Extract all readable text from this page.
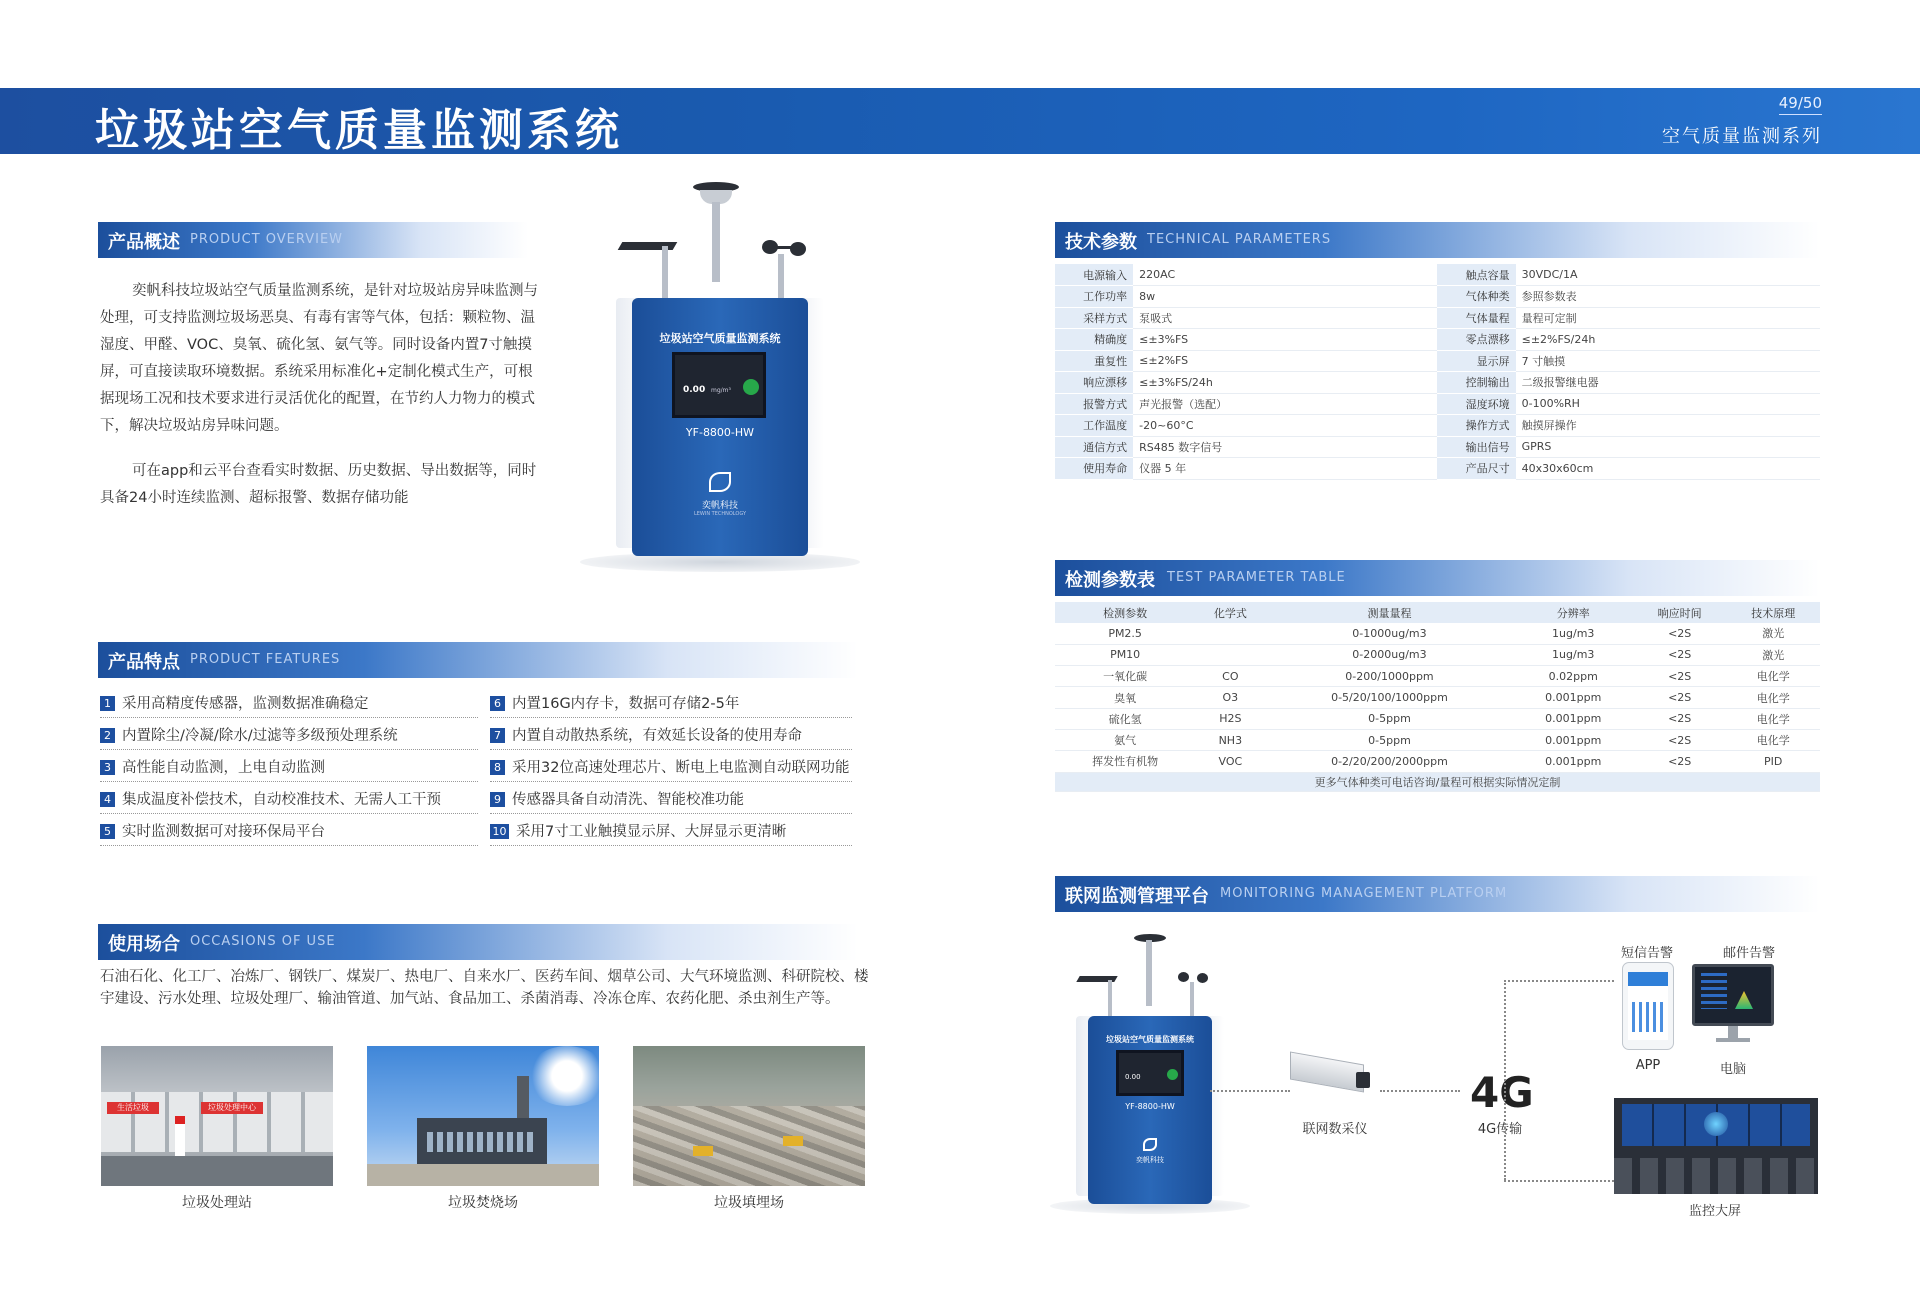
垃圾站空气质量监测系统
49/50
空气质量监测系列
产品概述 PRODUCT OVERVIEW

奕帆科技垃圾站空气质量监测系统，是针对垃圾站房异味监测与处理，可支持监测垃圾场恶臭、有毒有害等气体，包括：颗粒物、温湿度、甲醛、VOC、臭氧、硫化氢、氨气等。同时设备内置7寸触摸屏，可直接读取环境数据。系统采用标准化+定制化模式生产，可根据现场工况和技术要求进行灵活优化的配置，在节约人力物力的模式下，解决垃圾站房异味问题。

可在app和云平台查看实时数据、历史数据、导出数据等，同时具备24小时连续监测、超标报警、数据存储功能

垃圾站空气质量监测系统
0.00 mg/m³
YF-8800-HW
奕帆科技
LEWIN TECHNOLOGY
产品特点 PRODUCT FEATURES
1 采用高精度传感器，监测数据准确稳定
2 内置除尘/冷凝/除水/过滤等多级预处理系统
3 高性能自动监测，上电自动监测
4 集成温度补偿技术，自动校准技术、无需人工干预
5 实时监测数据可对接环保局平台
6 内置16G内存卡，数据可存储2-5年
7 内置自动散热系统，有效延长设备的使用寿命
8 采用32位高速处理芯片、断电上电监测自动联网功能
9 传感器具备自动清洗、智能校准功能
10 采用7寸工业触摸显示屏、大屏显示更清晰
使用场合 OCCASIONS OF USE
石油石化、化工厂、冶炼厂、钢铁厂、煤炭厂、热电厂、自来水厂、医药车间、烟草公司、大气环境监测、科研院校、楼宇建设、污水处理、垃圾处理厂、输油管道、加气站、食品加工、杀菌消毒、冷冻仓库、农药化肥、杀虫剂生产等。
生活垃圾	垃圾处理中心
垃圾处理站	垃圾焚烧场	垃圾填埋场
技术参数 TECHNICAL PARAMETERS
电源输入	220AC	触点容量	30VDC/1A
工作功率	8w	气体种类	参照参数表
采样方式	泵吸式	气体量程	量程可定制
精确度	≤±3%FS	零点漂移	≤±2%FS/24h
重复性	≤±2%FS	显示屏	7 寸触摸
响应漂移	≤±3%FS/24h	控制输出	二级报警继电器
报警方式	声光报警（选配）	湿度环境	0-100%RH
工作温度	-20~60°C	操作方式	触摸屏操作
通信方式	RS485 数字信号	输出信号	GPRS
使用寿命	仪器 5 年	产品尺寸	40x30x60cm
检测参数表 TEST PARAMETER TABLE
检测参数	化学式	测量量程	分辨率	响应时间	技术原理
PM2.5		0-1000ug/m3	1ug/m3	<2S	激光
PM10		0-2000ug/m3	1ug/m3	<2S	激光
一氧化碳	CO	0-200/1000ppm	0.02ppm	<2S	电化学
臭氧	O3	0-5/20/100/1000ppm	0.001ppm	<2S	电化学
硫化氢	H2S	0-5ppm	0.001ppm	<2S	电化学
氨气	NH3	0-5ppm	0.001ppm	<2S	电化学
挥发性有机物	VOC	0-2/20/200/2000ppm	0.001ppm	<2S	PID
更多气体种类可电话咨询/量程可根据实际情况定制					
联网监测管理平台 MONITORING MANAGEMENT PLATFORM
垃圾站空气质量监测系统
0.00
YF-8800-HW
奕帆科技
联网数采仪
4G
4G传输
短信告警	邮件告警
APP	电脑
监控大屏
